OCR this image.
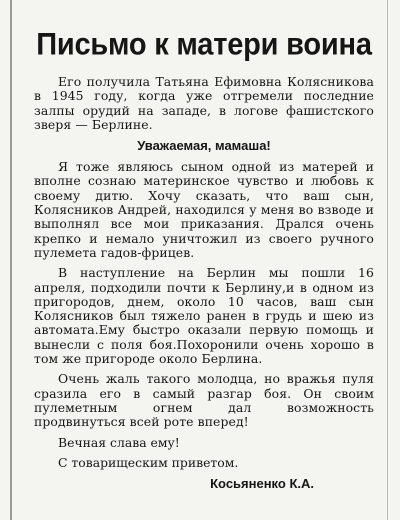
Письмо к матери воина

Его получила Татьяна Ефимовна Колясникова в 1945 году, когда уже отгремели последние залпы орудий на западе, в логове фашистского зверя — Берлине.

Уважаемая, мамаша!

Я тоже являюсь сыном одной из матерей и вполне сознаю материнское чувство и любовь к своему дитю. Хочу сказать, что ваш сын, Колясников Андрей, находился у меня во взводе и выполнял все мои приказания. Дрался очень крепко и немало уничтожил из своего ручного пулемета гадов-фрицев.

В наступление на Берлин мы пошли 16 апреля, подходили почти к Берлину,и в одном из пригородов, днем, около 10 часов, ваш сын Колясников был тяжело ранен в грудь и шею из автомата.Ему быстро оказали первую помощь и вынесли с поля боя.Похоронили очень хорошо в том же пригороде около Берлина.

Очень жаль такого молодца, но вражья пуля сразила его в самый разгар боя. Он своим пулеметным огнем дал возможность продвинуться всей роте вперед!

Вечная слава ему!

С товарищеским приветом.

Косьяненко К.А.
